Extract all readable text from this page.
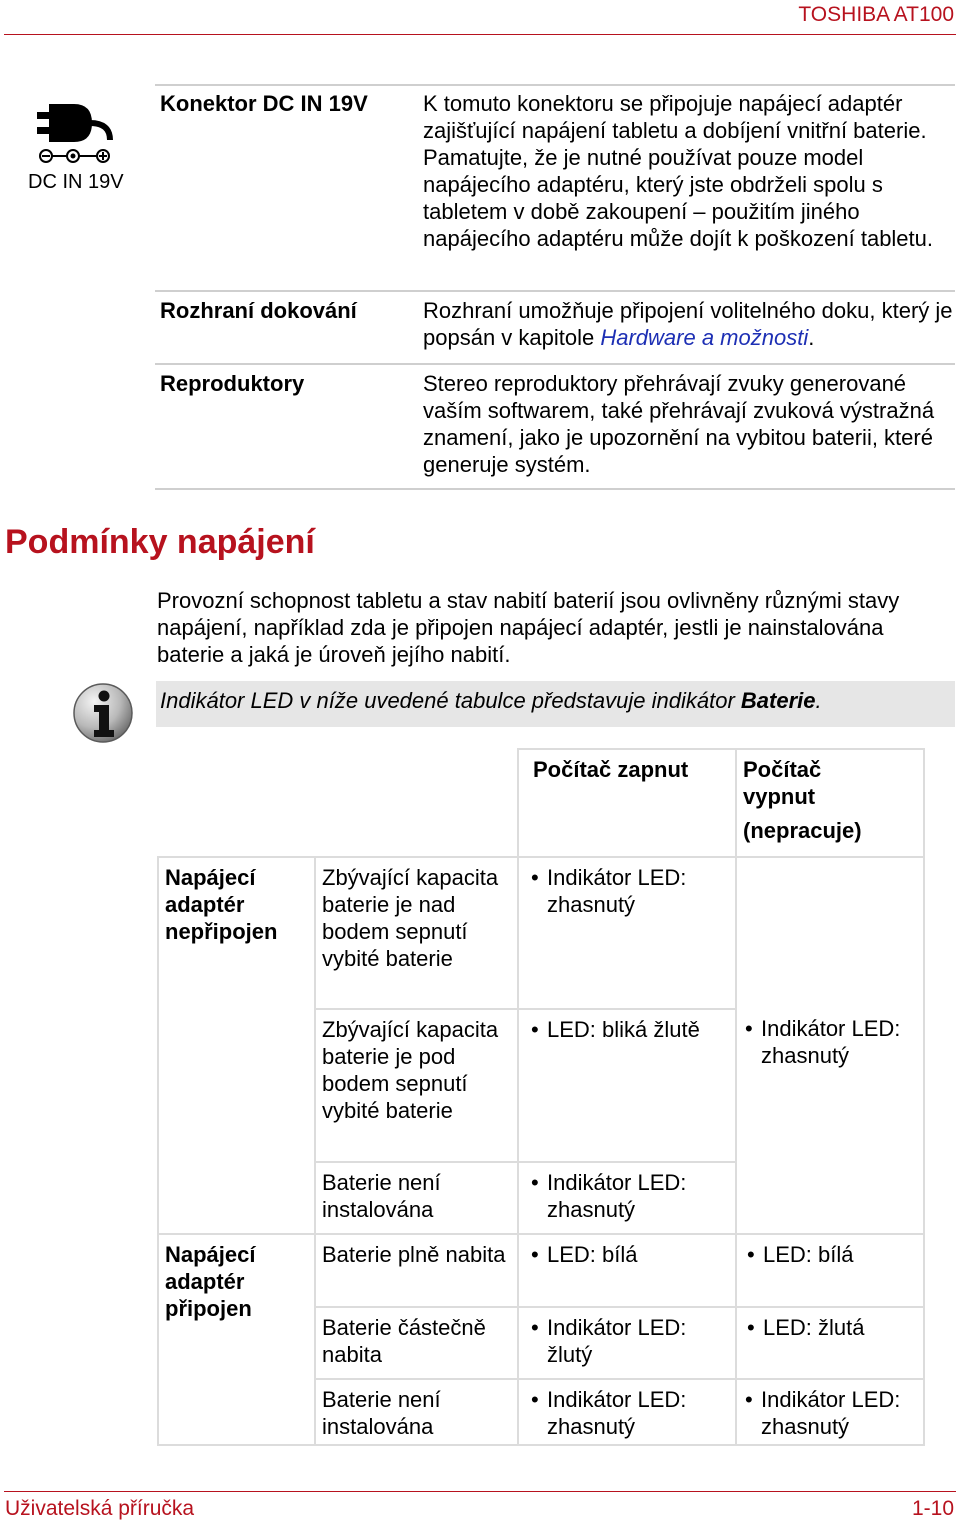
TOSHIBA AT100
DC IN 19V
Konektor DC IN 19V	K tomuto konektoru se připojuje napájecí adaptér zajišťující napájení tabletu a dobíjení vnitřní baterie. Pamatujte, že je nutné používat pouze model napájecího adaptéru, který jste obdrželi spolu s tabletem v době zakoupení – použitím jiného napájecího adaptéru může dojít k poškození tabletu.
Rozhraní dokování	Rozhraní umožňuje připojení volitelného doku, který je popsán v kapitole Hardware a možnosti.
Reproduktory	Stereo reproduktory přehrávají zvuky generované vaším softwarem, také přehrávají zvuková výstražná znamení, jako je upozornění na vybitou baterii, které generuje systém.
Podmínky napájení
Provozní schopnost tabletu a stav nabití baterií jsou ovlivněny různými stavy napájení, například zda je připojen napájecí adaptér, jestli je nainstalována baterie a jaká je úroveň jejího nabití.
Indikátor LED v níže uvedené tabulce představuje indikátor Baterie.

		Počítač zapnut	Počítač
vypnut
(nepracuje)

Napájecí adaptér nepřipojen	Zbývající kapacita baterie je nad bodem sepnutí vybité baterie	• Indikátor LED: zhasnutý	

	Zbývající kapacita baterie je pod bodem sepnutí vybité baterie	• LED: bliká žlutě	• Indikátor LED: zhasnutý

	Baterie není instalována	• Indikátor LED: zhasnutý	

Napájecí adaptér připojen	Baterie plně nabita	• LED: bílá	• LED: bílá

	Baterie částečně nabita	• Indikátor LED: žlutý	• LED: žlutá

	Baterie není instalována	• Indikátor LED: zhasnutý	• Indikátor LED: zhasnutý
Uživatelská příručka	1-10
